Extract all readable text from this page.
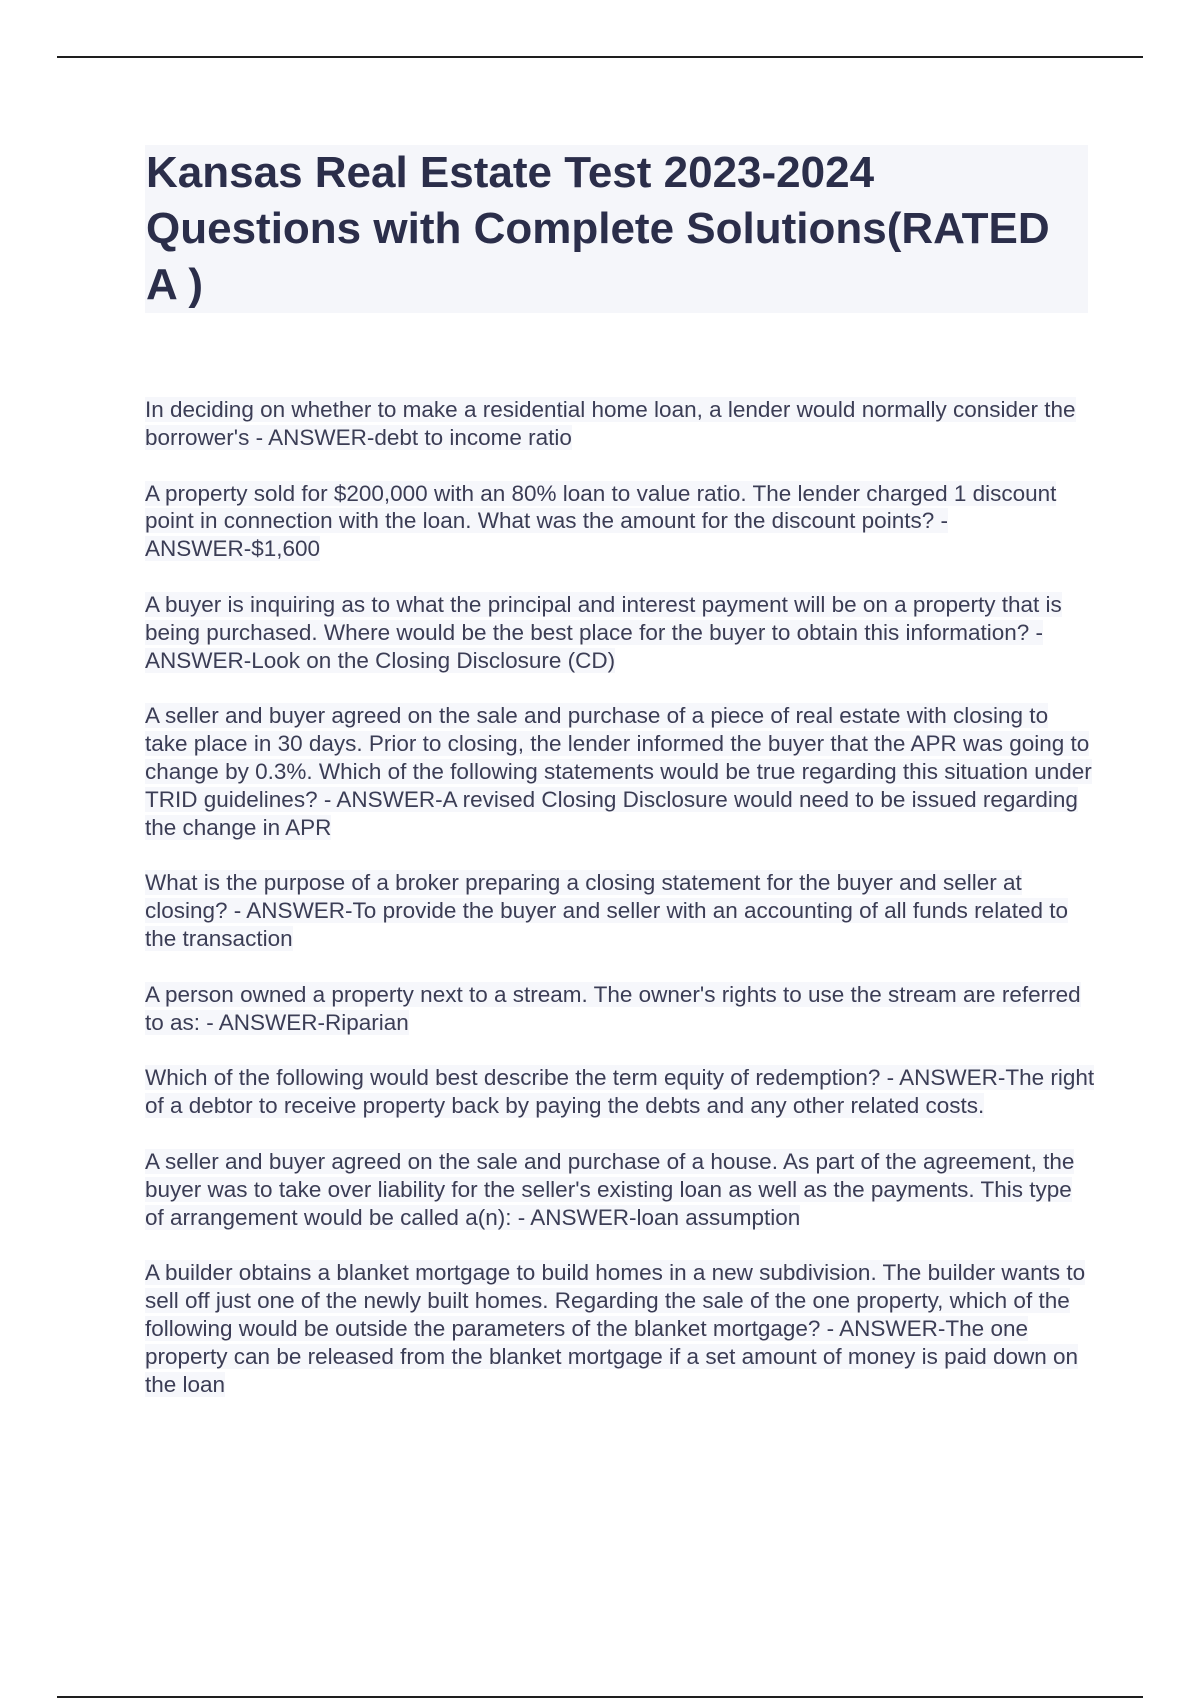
Kansas Real Estate Test 2023-2024 Questions with Complete Solutions(RATED A )
In deciding on whether to make a residential home loan, a lender would normally consider the borrower's - ANSWER-debt to income ratio
A property sold for $200,000 with an 80% loan to value ratio. The lender charged 1 discount point in connection with the loan. What was the amount for the discount points? - ANSWER-$1,600
A buyer is inquiring as to what the principal and interest payment will be on a property that is being purchased. Where would be the best place for the buyer to obtain this information? - ANSWER-Look on the Closing Disclosure (CD)
A seller and buyer agreed on the sale and purchase of a piece of real estate with closing to take place in 30 days. Prior to closing, the lender informed the buyer that the APR was going to change by 0.3%. Which of the following statements would be true regarding this situation under TRID guidelines? - ANSWER-A revised Closing Disclosure would need to be issued regarding the change in APR
What is the purpose of a broker preparing a closing statement for the buyer and seller at closing? - ANSWER-To provide the buyer and seller with an accounting of all funds related to the transaction
A person owned a property next to a stream. The owner's rights to use the stream are referred to as: - ANSWER-Riparian
Which of the following would best describe the term equity of redemption? - ANSWER-The right of a debtor to receive property back by paying the debts and any other related costs.
A seller and buyer agreed on the sale and purchase of a house. As part of the agreement, the buyer was to take over liability for the seller's existing loan as well as the payments. This type of arrangement would be called a(n): - ANSWER-loan assumption
A builder obtains a blanket mortgage to build homes in a new subdivision. The builder wants to sell off just one of the newly built homes. Regarding the sale of the one property, which of the following would be outside the parameters of the blanket mortgage? - ANSWER-The one property can be released from the blanket mortgage if a set amount of money is paid down on the loan
